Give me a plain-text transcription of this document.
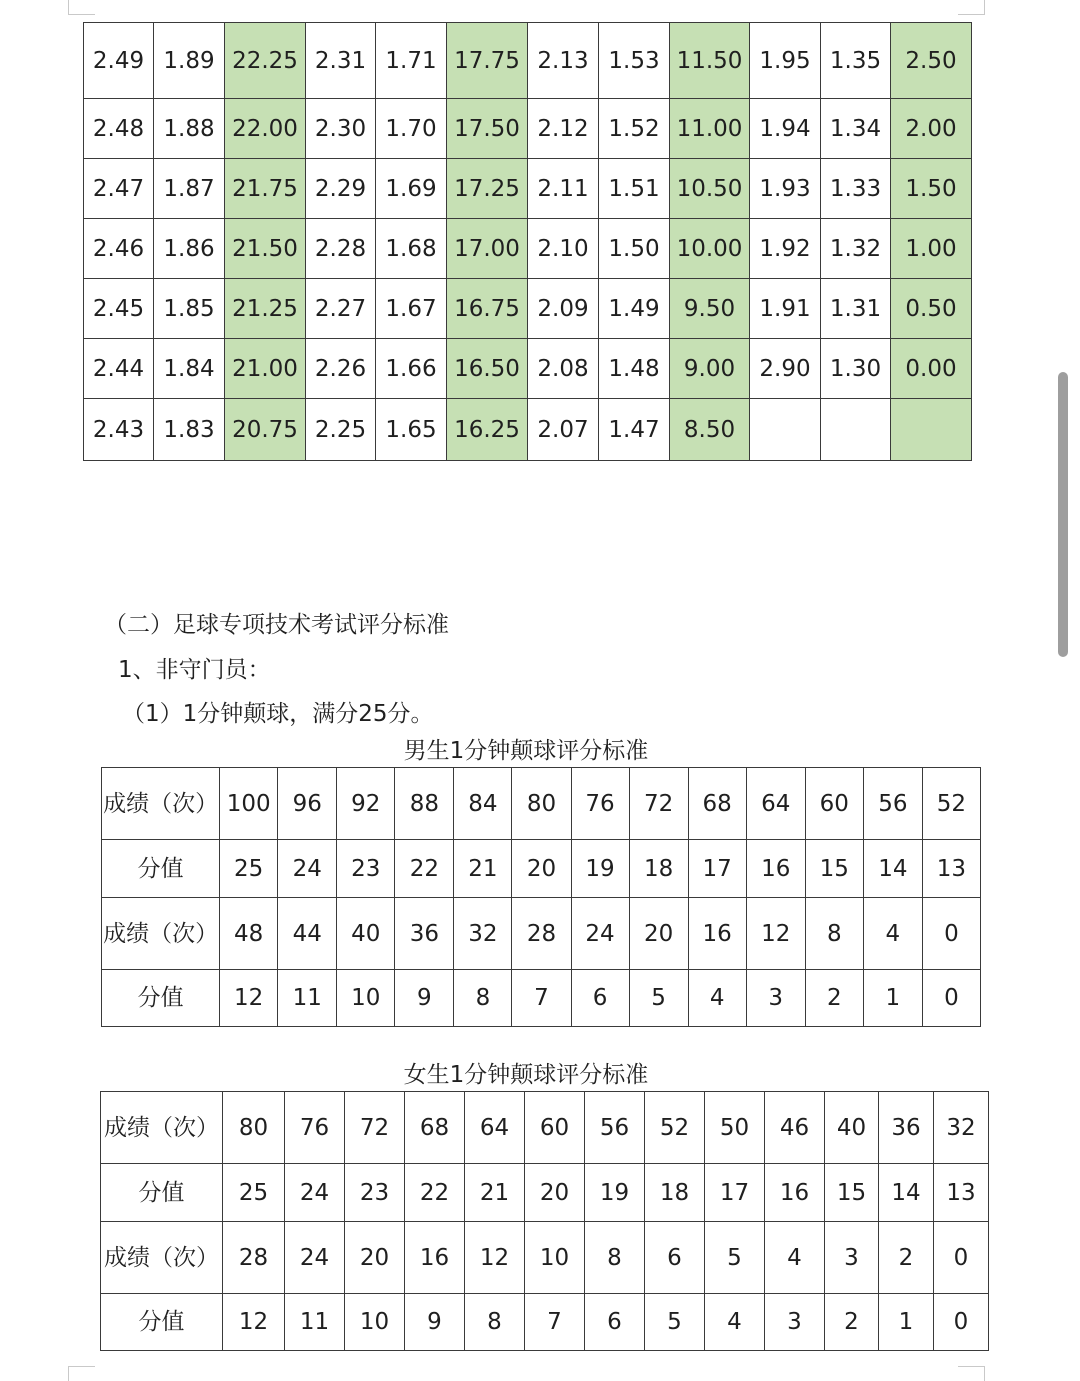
2.49	1.89	22.25	2.31	1.71	17.75	2.13	1.53	11.50	1.95	1.35	2.50
2.48	1.88	22.00	2.30	1.70	17.50	2.12	1.52	11.00	1.94	1.34	2.00
2.47	1.87	21.75	2.29	1.69	17.25	2.11	1.51	10.50	1.93	1.33	1.50
2.46	1.86	21.50	2.28	1.68	17.00	2.10	1.50	10.00	1.92	1.32	1.00
2.45	1.85	21.25	2.27	1.67	16.75	2.09	1.49	9.50	1.91	1.31	0.50
2.44	1.84	21.00	2.26	1.66	16.50	2.08	1.48	9.00	2.90	1.30	0.00
2.43	1.83	20.75	2.25	1.65	16.25	2.07	1.47	8.50			
（二）足球专项技术考试评分标准
1、非守门员：
（1）1分钟颠球，满分25分。
男生1分钟颠球评分标准
成绩（次）	100	96	92	88	84	80	76	72	68	64	60	56	52
分值	25	24	23	22	21	20	19	18	17	16	15	14	13
成绩（次）	48	44	40	36	32	28	24	20	16	12	8	4	0
分值	12	11	10	9	8	7	6	5	4	3	2	1	0
女生1分钟颠球评分标准
成绩（次）	80	76	72	68	64	60	56	52	50	46	40	36	32
分值	25	24	23	22	21	20	19	18	17	16	15	14	13
成绩（次）	28	24	20	16	12	10	8	6	5	4	3	2	0
分值	12	11	10	9	8	7	6	5	4	3	2	1	0
